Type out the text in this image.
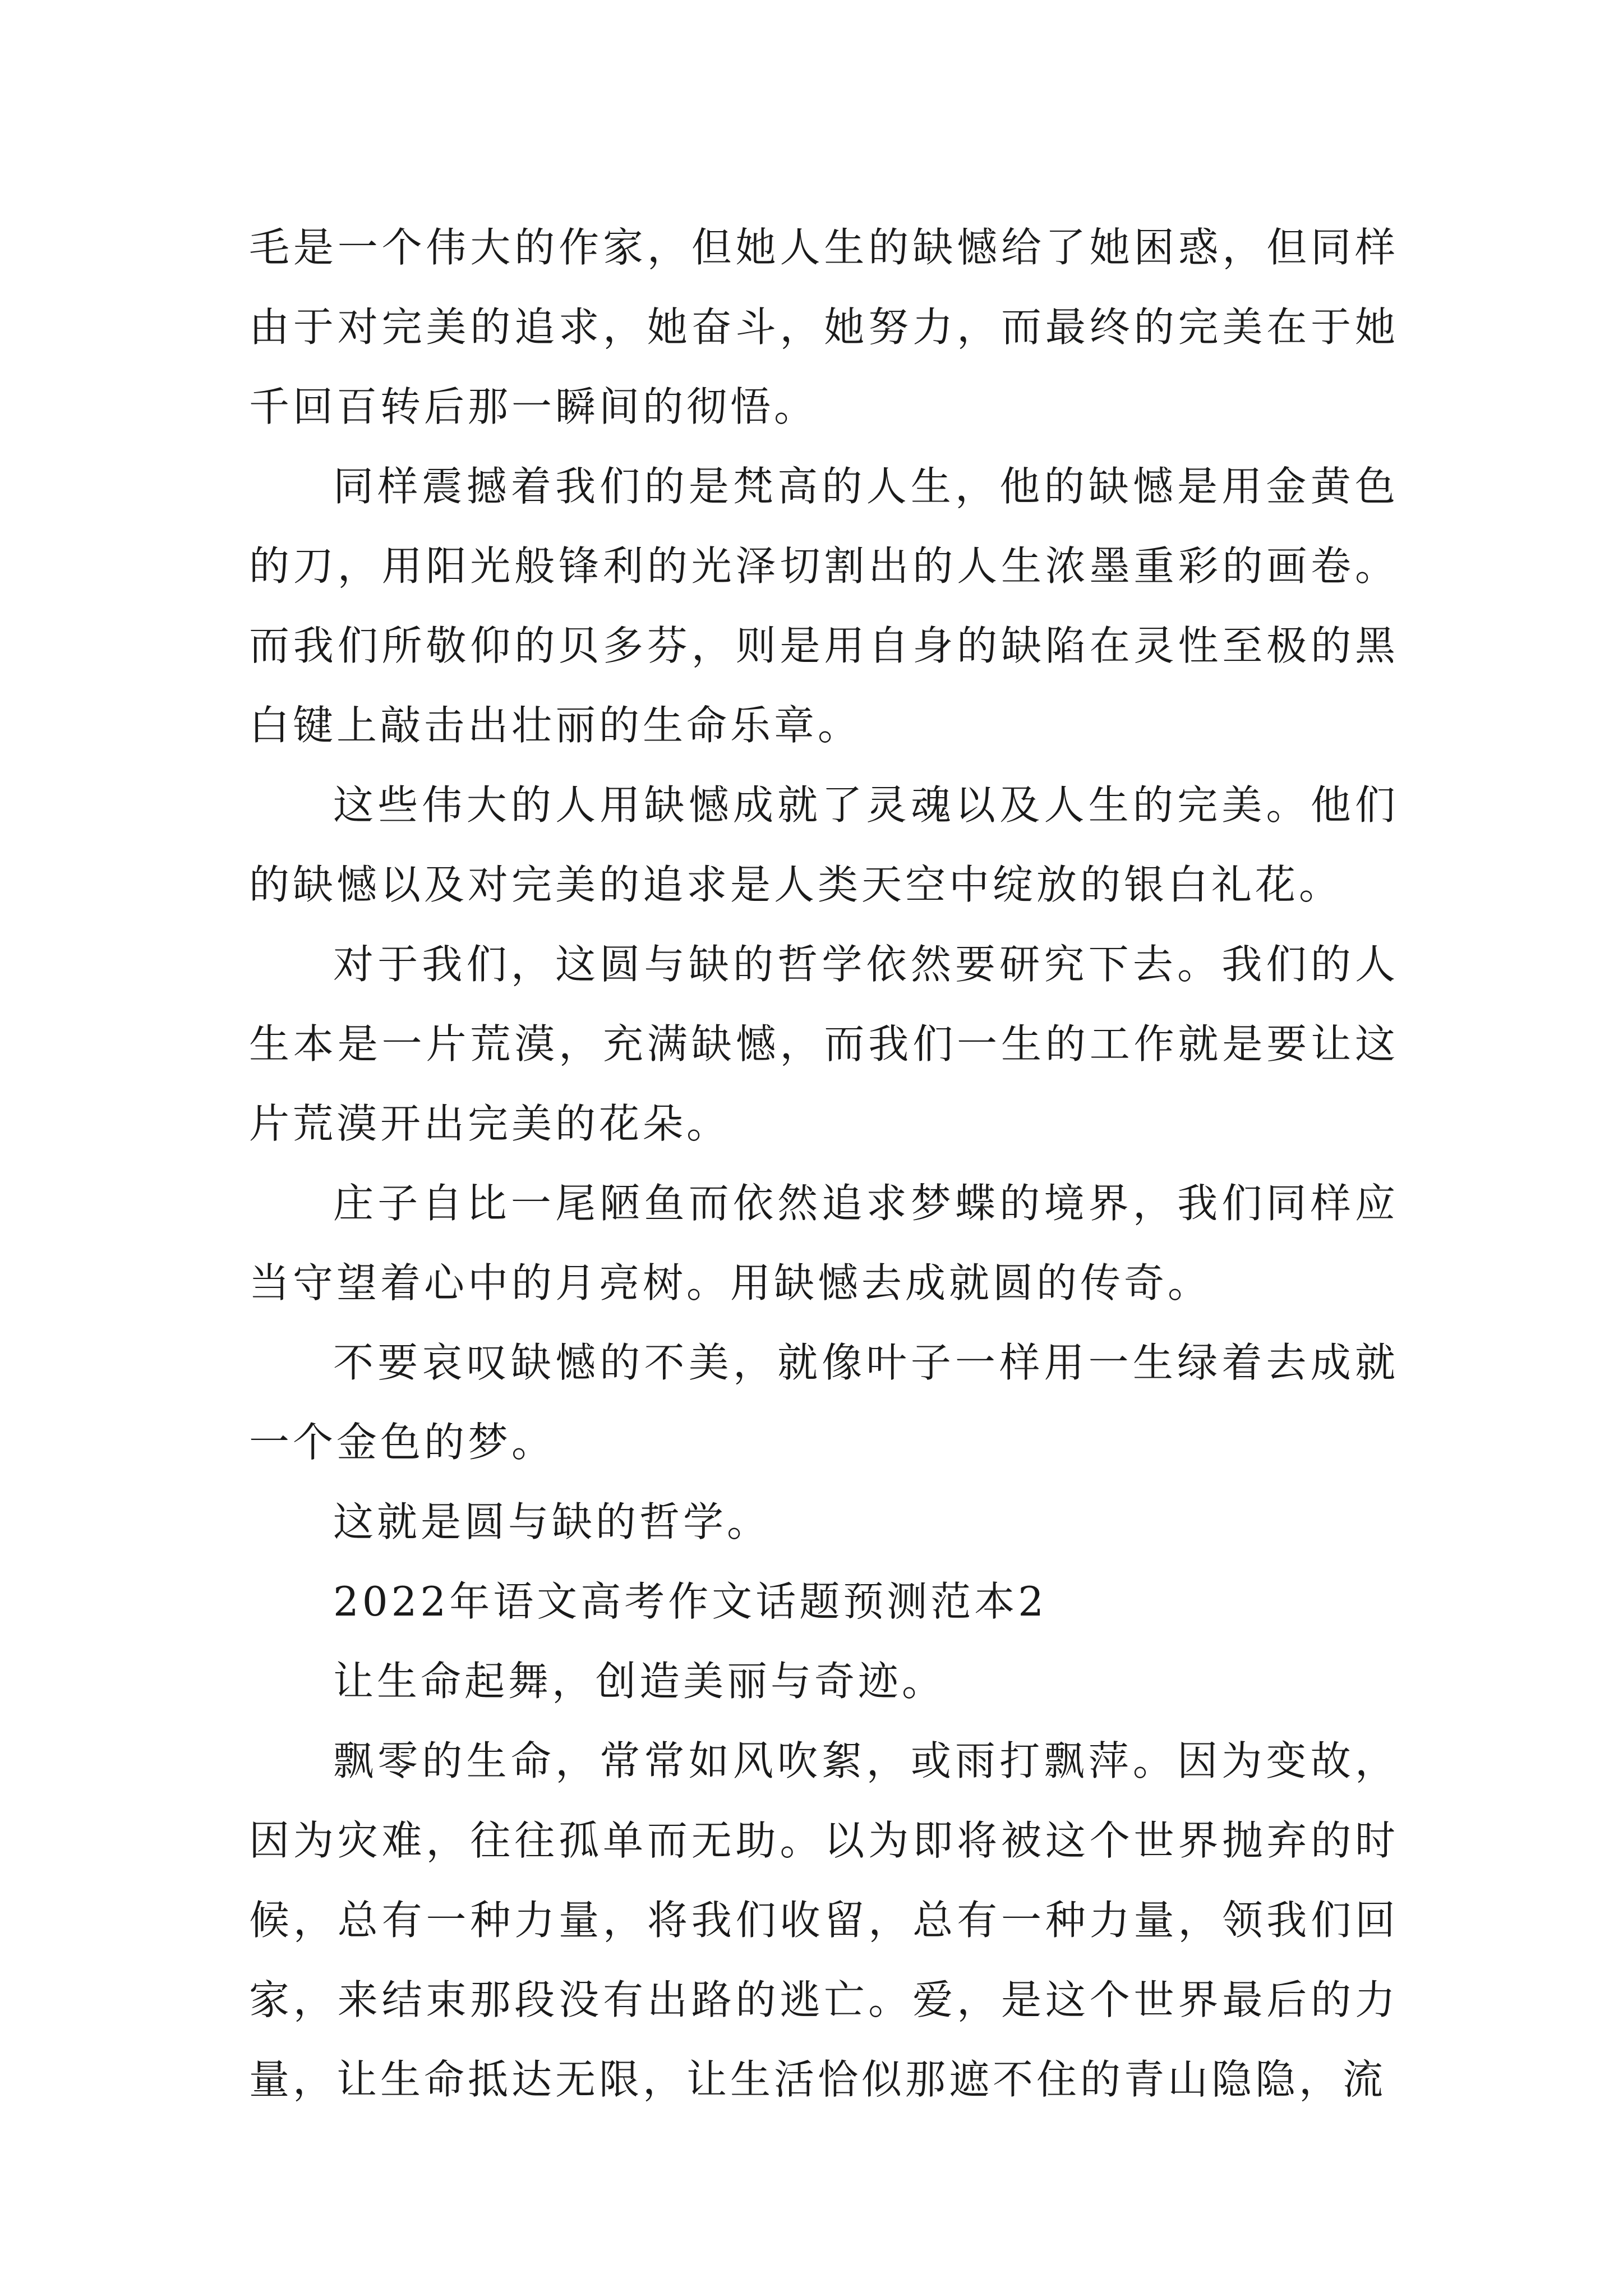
毛是一个伟大的作家，但她人生的缺憾给了她困惑，但同样由于对完美的追求，她奋斗，她努力，而最终的完美在于她千回百转后那一瞬间的彻悟。

同样震撼着我们的是梵高的人生，他的缺憾是用金黄色的刀，用阳光般锋利的光泽切割出的人生浓墨重彩的画卷。而我们所敬仰的贝多芬，则是用自身的缺陷在灵性至极的黑白键上敲击出壮丽的生命乐章。

这些伟大的人用缺憾成就了灵魂以及人生的完美。他们的缺憾以及对完美的追求是人类天空中绽放的银白礼花。

对于我们，这圆与缺的哲学依然要研究下去。我们的人生本是一片荒漠，充满缺憾，而我们一生的工作就是要让这片荒漠开出完美的花朵。

庄子自比一尾陋鱼而依然追求梦蝶的境界，我们同样应当守望着心中的月亮树。用缺憾去成就圆的传奇。

不要哀叹缺憾的不美，就像叶子一样用一生绿着去成就一个金色的梦。

这就是圆与缺的哲学。

2022年语文高考作文话题预测范本2

让生命起舞，创造美丽与奇迹。

飘零的生命，常常如风吹絮，或雨打飘萍。因为变故，因为灾难，往往孤单而无助。以为即将被这个世界抛弃的时候，总有一种力量，将我们收留，总有一种力量，领我们回家，来结束那段没有出路的逃亡。爱，是这个世界最后的力量，让生命抵达无限，让生活恰似那遮不住的青山隐隐，流
